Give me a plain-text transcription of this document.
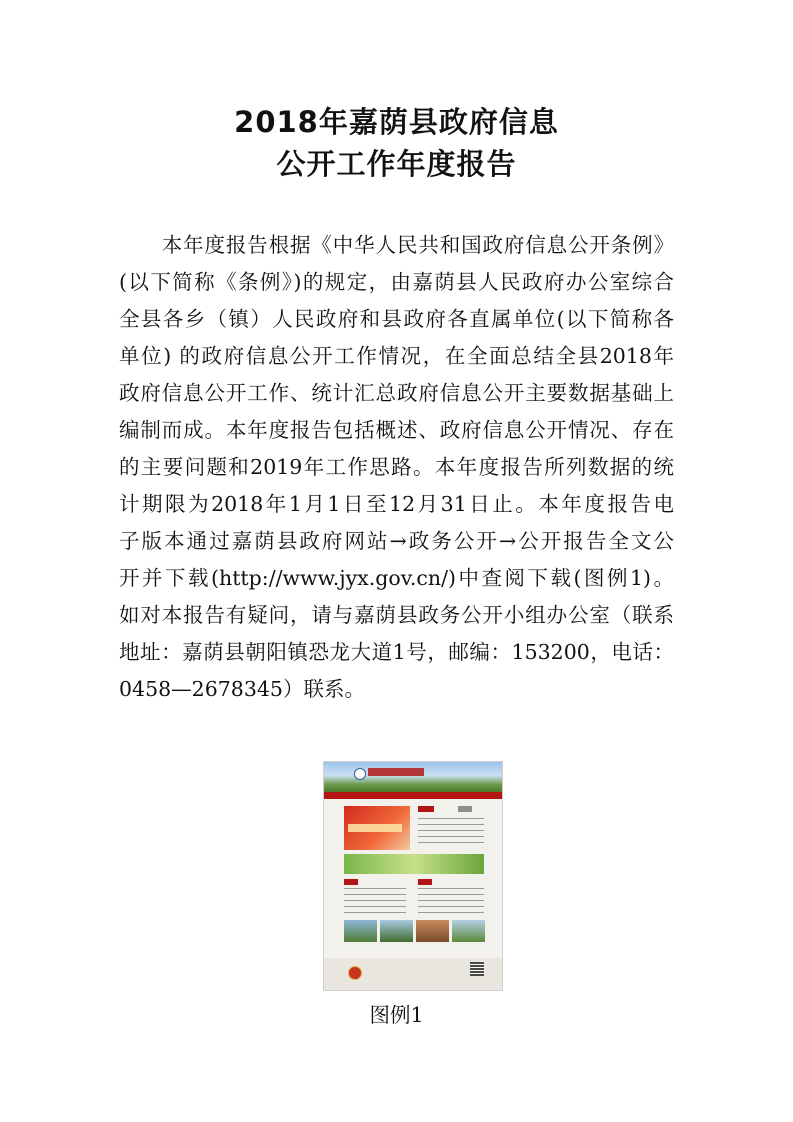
2018年嘉荫县政府信息
公开工作年度报告
　　本年度报告根据《中华人民共和国政府信息公开条例》
(以下简称《条例》)的规定，由嘉荫县人民政府办公室综合
全县各乡（镇）人民政府和县政府各直属单位(以下简称各
单位) 的政府信息公开工作情况，在全面总结全县2018年
政府信息公开工作、统计汇总政府信息公开主要数据基础上
编制而成。本年度报告包括概述、政府信息公开情况、存在
的主要问题和2019年工作思路。本年度报告所列数据的统
计期限为2018年1月1日至12月31日止。本年度报告电
子版本通过嘉荫县政府网站→政务公开→公开报告全文公
开并下载(http://www.jyx.gov.cn/)中查阅下载(图例1)。
如对本报告有疑问，请与嘉荫县政务公开小组办公室（联系
地址：嘉荫县朝阳镇恐龙大道1号，邮编：153200，电话：
0458—2678345）联系。
图例1
